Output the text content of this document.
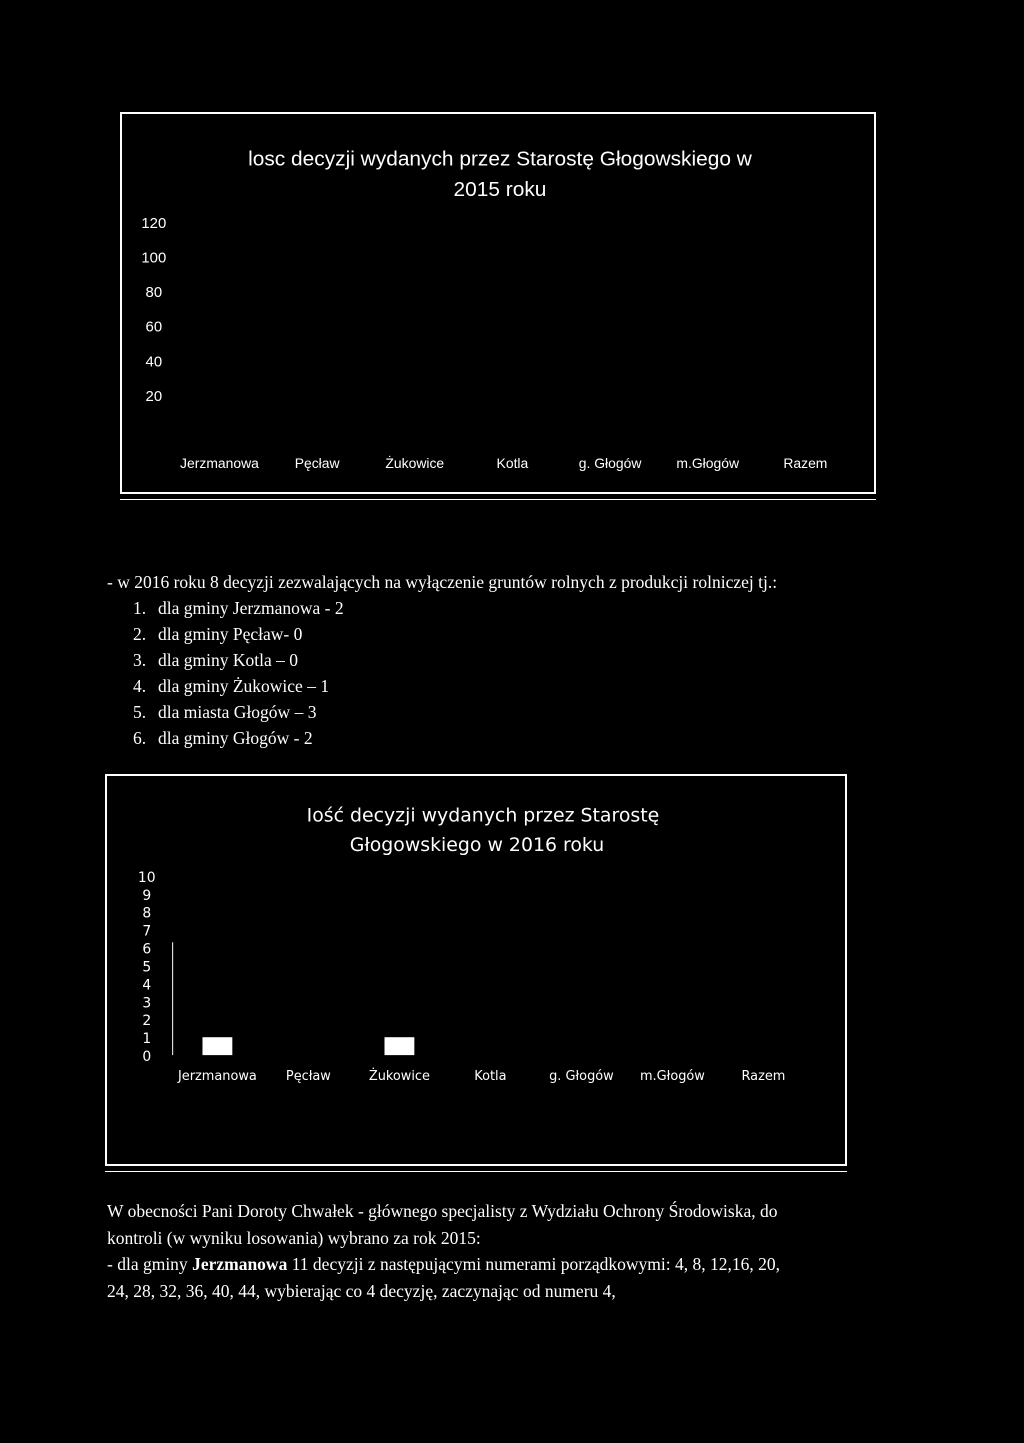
losc decyzji wydanych przez Starostę Głogowskiego w
2015 roku
120
100
80
60
40
20
Jerzmanowa	Pęcław	Żukowice	Kotla	g. Głogów	m.Głogów	Razem
- w 2016 roku 8 decyzji zezwalających na wyłączenie gruntów rolnych z produkcji rolniczej tj.:
1. dla gminy Jerzmanowa - 2
2. dla gminy Pęcław- 0
3. dla gminy Kotla – 0
4. dla gminy Żukowice – 1
5. dla miasta Głogów – 3
6. dla gminy Głogów - 2
Iość decyzji wydanych przez Starostę
Głogowskiego w 2016 roku
10
9
8
7
6
5
4
3
2
1
0
Jerzmanowa Pęcław	Żukowice	Kotla	g. Głogów m.Głogów	Razem

W obecności Pani Doroty Chwałek - głównego specjalisty z Wydziału Ochrony Środowiska, do

kontroli (w wyniku losowania) wybrano za rok 2015:

- dla gminy Jerzmanowa 11 decyzji z następującymi numerami porządkowymi: 4, 8, 12,16, 20,

24, 28, 32, 36, 40, 44, wybierając co 4 decyzję, zaczynając od numeru 4,
